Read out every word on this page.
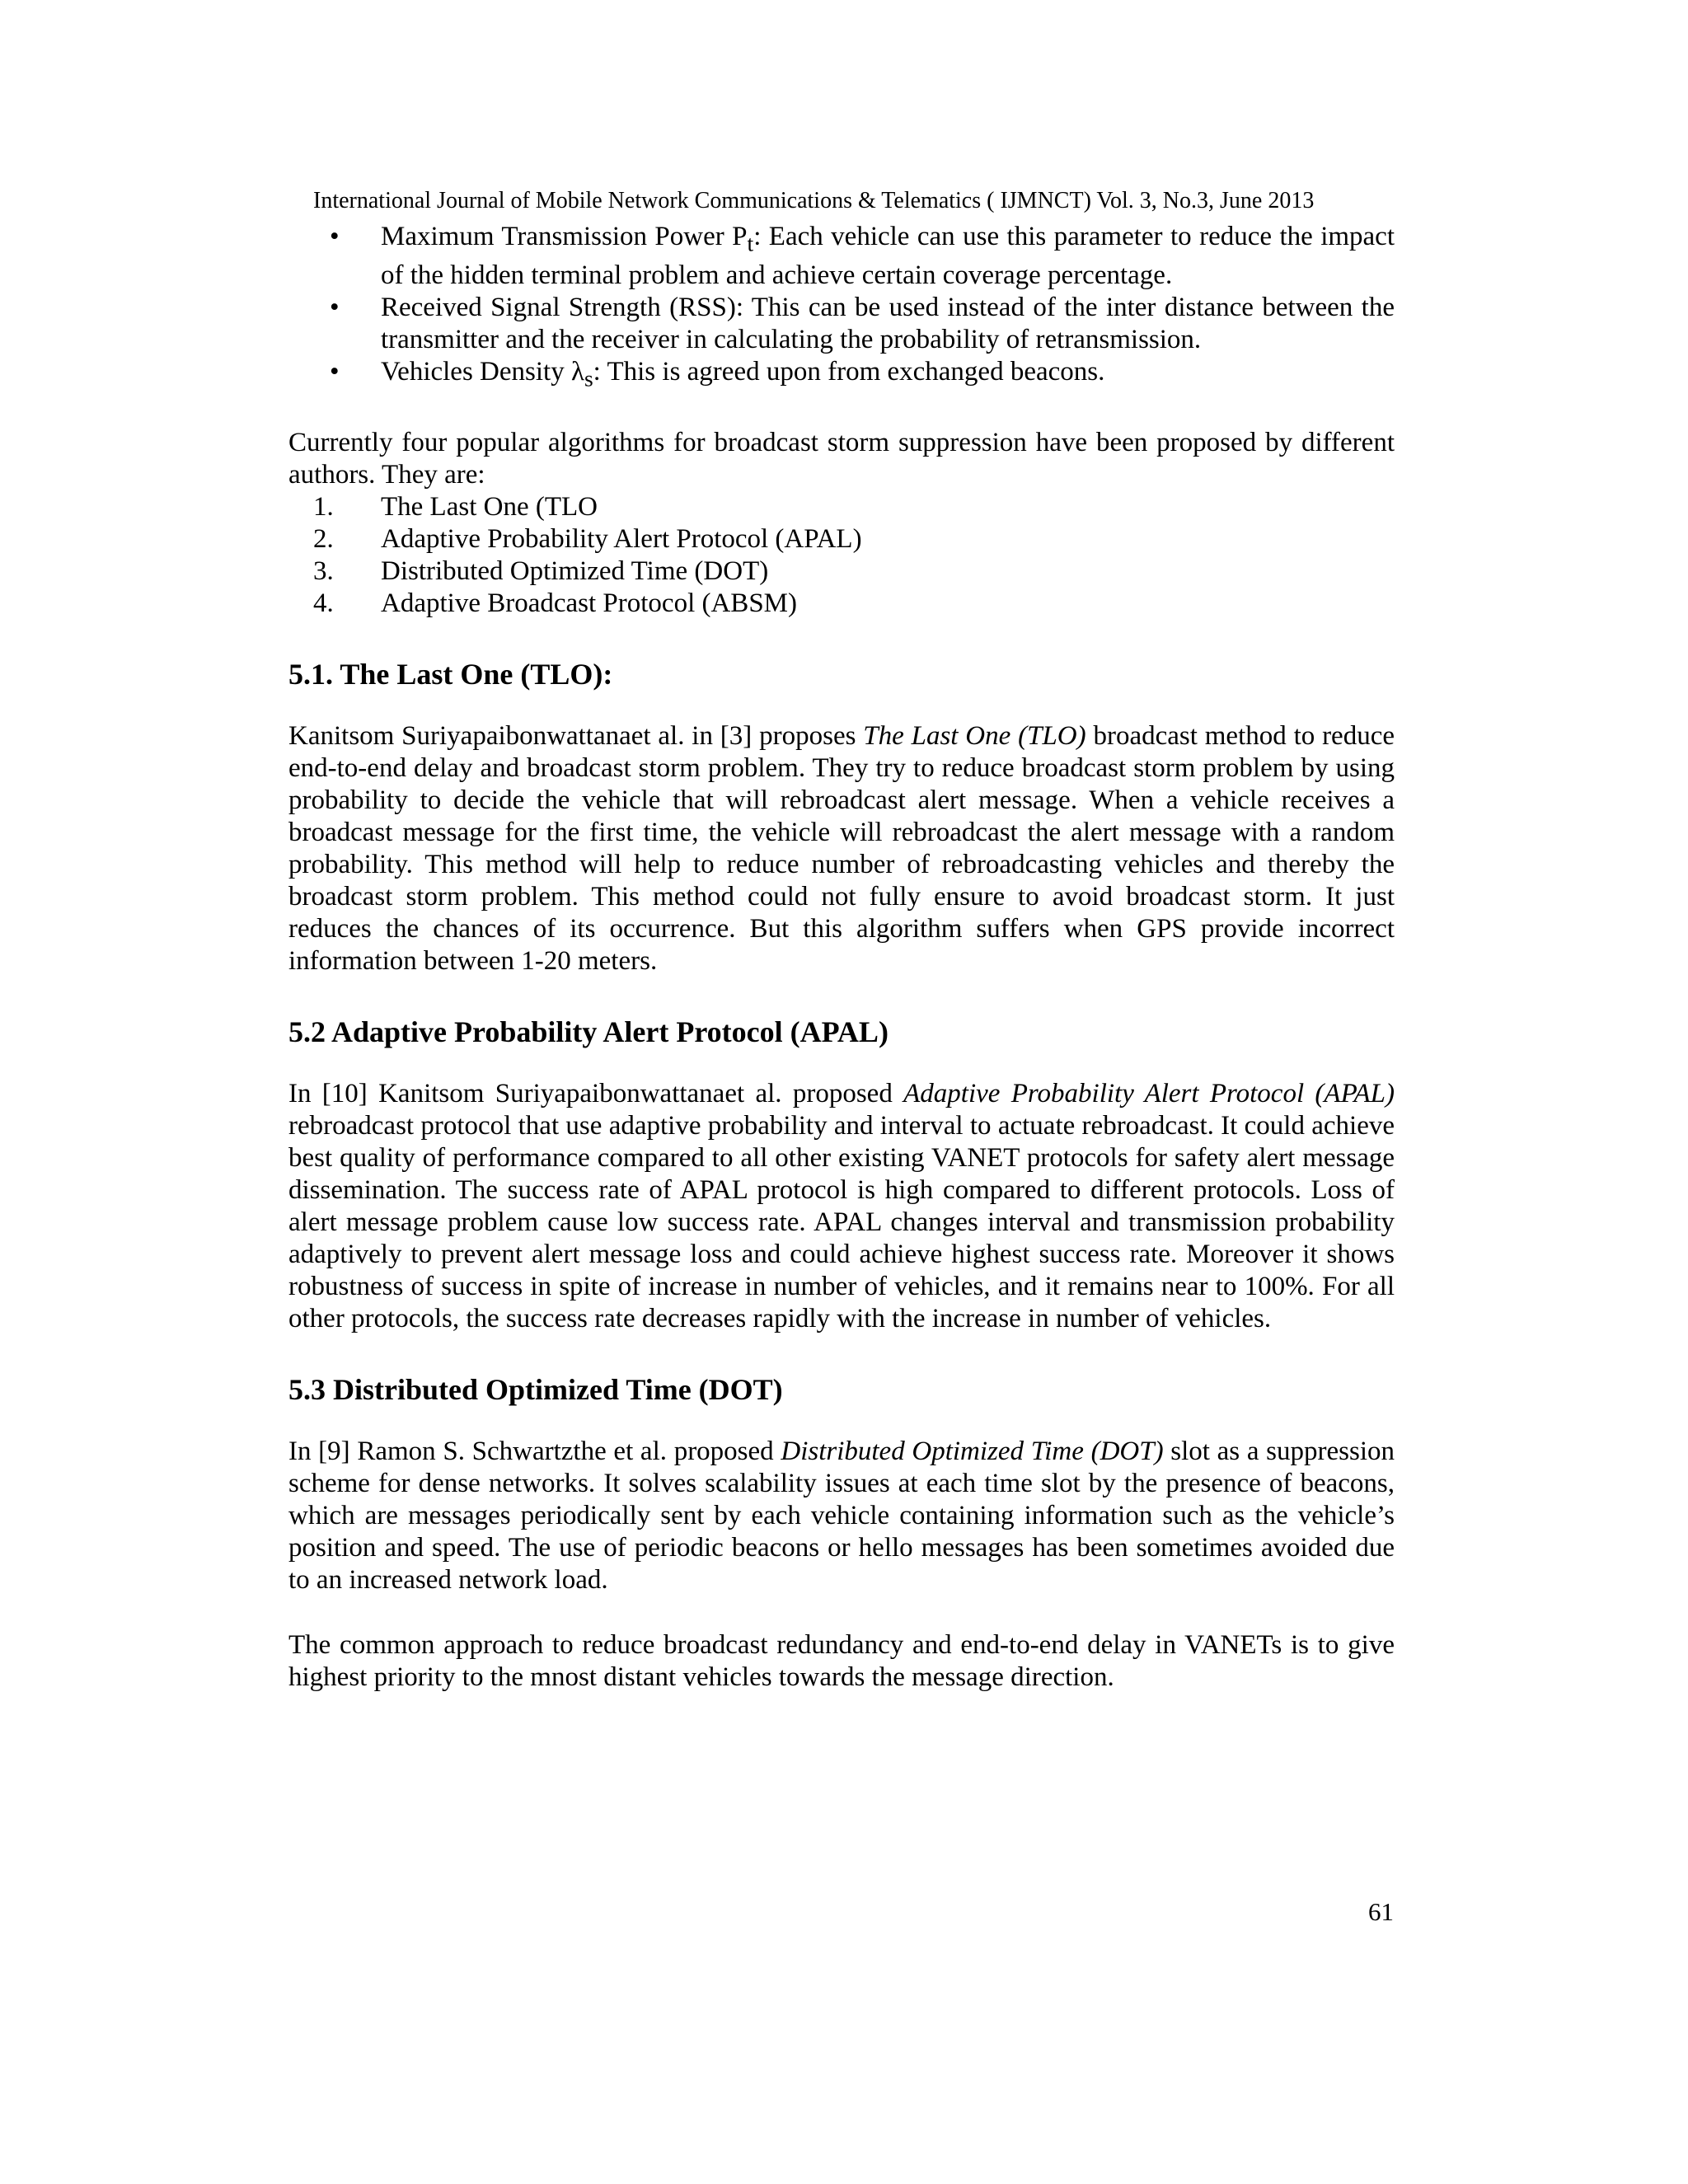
International Journal of Mobile Network Communications & Telematics ( IJMNCT) Vol. 3, No.3, June 2013
• Maximum Transmission Power $P_t$: Each vehicle can use this parameter to reduce the impact of the hidden terminal problem and achieve certain coverage percentage.
• Received Signal Strength (RSS): This can be used instead of the inter distance between the transmitter and the receiver in calculating the probability of retransmission.
• Vehicles Density $\lambda_s$: This is agreed upon from exchanged beacons.

Currently four popular algorithms for broadcast storm suppression have been proposed by different authors. They are:

1.	The Last One (TLO
2.	Adaptive Probability Alert Protocol (APAL)
3.	Distributed Optimized Time (DOT)
4.	Adaptive Broadcast Protocol (ABSM)
5.1. The Last One (TLO):

Kanitsom Suriyapaibonwattanaet al. in [3] proposes The Last One (TLO) broadcast method to reduce end-to-end delay and broadcast storm problem. They try to reduce broadcast storm problem by using probability to decide the vehicle that will rebroadcast alert message. When a vehicle receives a broadcast message for the first time, the vehicle will rebroadcast the alert message with a random probability. This method will help to reduce number of rebroadcasting vehicles and thereby the broadcast storm problem. This method could not fully ensure to avoid broadcast storm. It just reduces the chances of its occurrence. But this algorithm suffers when GPS provide incorrect information between 1-20 meters.

5.2 Adaptive Probability Alert Protocol (APAL)

In [10] Kanitsom Suriyapaibonwattanaet al. proposed Adaptive Probability Alert Protocol (APAL) rebroadcast protocol that use adaptive probability and interval to actuate rebroadcast. It could achieve best quality of performance compared to all other existing VANET protocols for safety alert message dissemination. The success rate of APAL protocol is high compared to different protocols. Loss of alert message problem cause low success rate. APAL changes interval and transmission probability adaptively to prevent alert message loss and could achieve highest success rate. Moreover it shows robustness of success in spite of increase in number of vehicles, and it remains near to 100%. For all other protocols, the success rate decreases rapidly with the increase in number of vehicles.

5.3 Distributed Optimized Time (DOT)

In [9] Ramon S. Schwartzthe et al. proposed Distributed Optimized Time (DOT) slot as a suppression scheme for dense networks. It solves scalability issues at each time slot by the presence of beacons, which are messages periodically sent by each vehicle containing information such as the vehicle’s position and speed. The use of periodic beacons or hello messages has been sometimes avoided due to an increased network load.

The common approach to reduce broadcast redundancy and end-to-end delay in VANETs is to give highest priority to the mnost distant vehicles towards the message direction.

61
